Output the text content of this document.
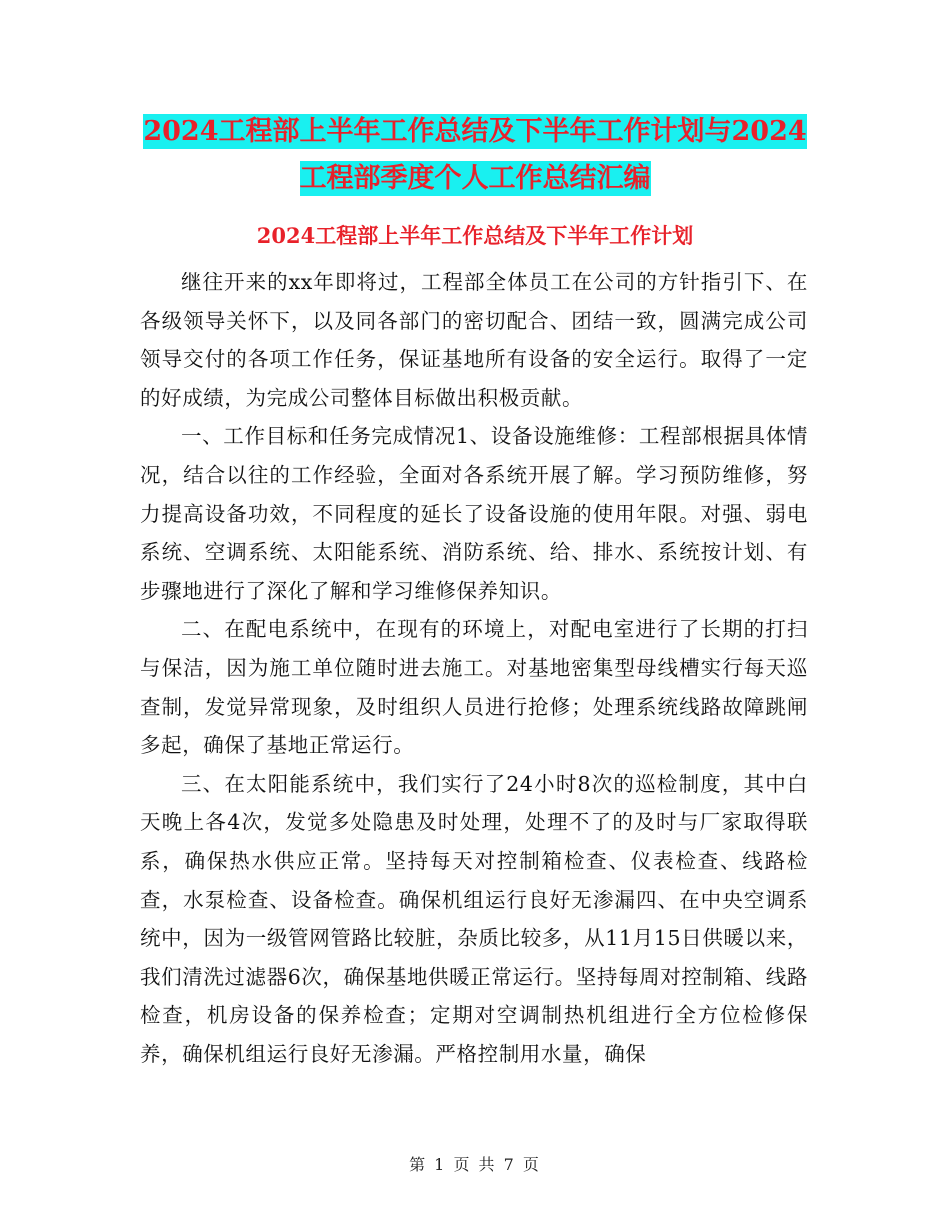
2024工程部上半年工作总结及下半年工作计划与2024工程部季度个人工作总结汇编
2024工程部上半年工作总结及下半年工作计划

继往开来的xx年即将过，工程部全体员工在公司的方针指引下、在各级领导关怀下，以及同各部门的密切配合、团结一致，圆满完成公司领导交付的各项工作任务，保证基地所有设备的安全运行。取得了一定的好成绩，为完成公司整体目标做出积极贡献。

一、工作目标和任务完成情况1、设备设施维修：工程部根据具体情况，结合以往的工作经验，全面对各系统开展了解。学习预防维修，努力提高设备功效，不同程度的延长了设备设施的使用年限。对强、弱电系统、空调系统、太阳能系统、消防系统、给、排水、系统按计划、有步骤地进行了深化了解和学习维修保养知识。

二、在配电系统中，在现有的环境上，对配电室进行了长期的打扫与保洁，因为施工单位随时进去施工。对基地密集型母线槽实行每天巡查制，发觉异常现象，及时组织人员进行抢修；处理系统线路故障跳闸多起，确保了基地正常运行。

三、在太阳能系统中，我们实行了24小时8次的巡检制度，其中白天晚上各4次，发觉多处隐患及时处理，处理不了的及时与厂家取得联系，确保热水供应正常。坚持每天对控制箱检查、仪表检查、线路检查，水泵检查、设备检查。确保机组运行良好无渗漏四、在中央空调系统中，因为一级管网管路比较脏，杂质比较多，从11月15日供暖以来，我们清洗过滤器6次，确保基地供暖正常运行。坚持每周对控制箱、线路检查，机房设备的保养检查；定期对空调制热机组进行全方位检修保养，确保机组运行良好无渗漏。严格控制用水量，确保

第 1 页 共 7 页
